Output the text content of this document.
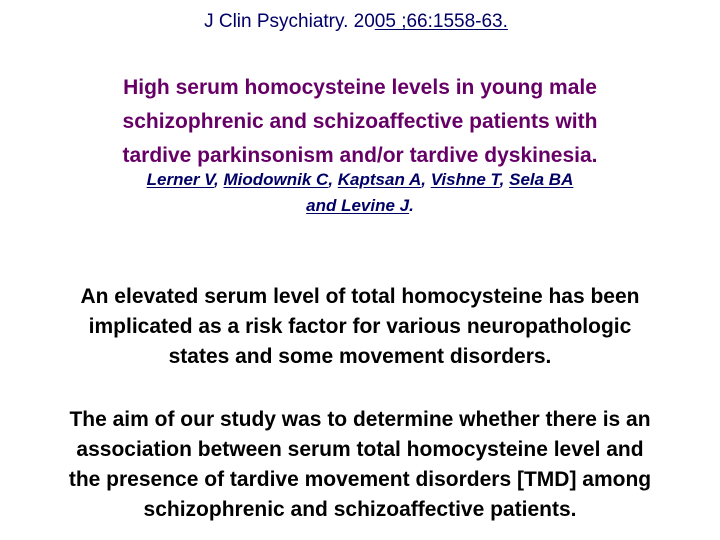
J Clin Psychiatry. 2005 ;66:1558-63.
High serum homocysteine levels in young male
schizophrenic and schizoaffective patients with
tardive parkinsonism and/or tardive dyskinesia.
Lerner V, Miodownik C, Kaptsan A, Vishne T, Sela BA
and Levine J.
An elevated serum level of total homocysteine has been
implicated as a risk factor for various neuropathologic
states and some movement disorders.
The aim of our study was to determine whether there is an
association between serum total homocysteine level and
the presence of tardive movement disorders [TMD] among
schizophrenic and schizoaffective patients.
